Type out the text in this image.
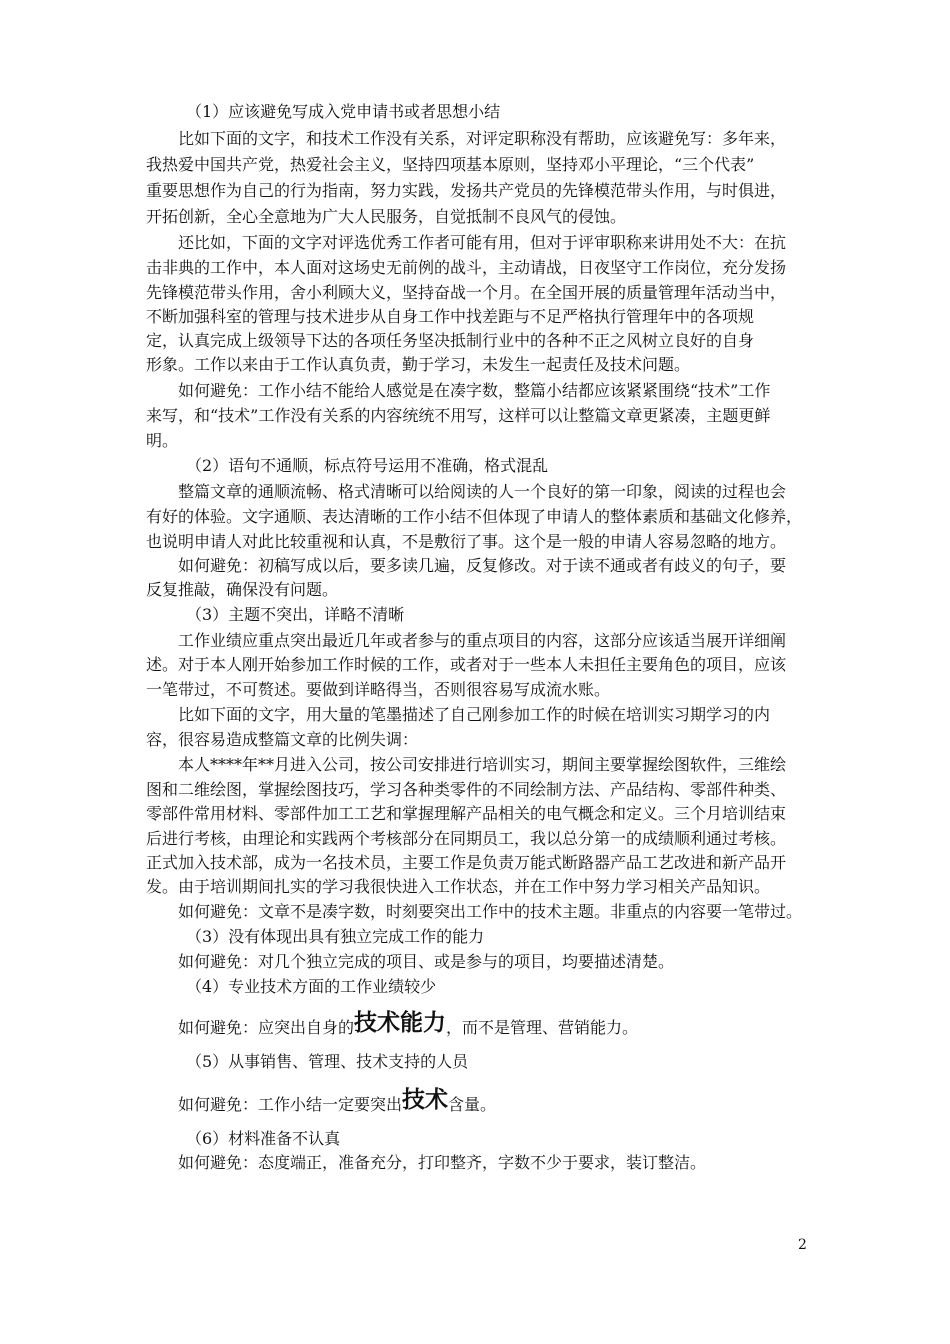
（1）应该避免写成入党申请书或者思想小结
比如下面的文字，和技术工作没有关系，对评定职称没有帮助，应该避免写：多年来，
我热爱中国共产党，热爱社会主义，坚持四项基本原则，坚持邓小平理论，“三个代表”
重要思想作为自己的行为指南，努力实践，发扬共产党员的先锋模范带头作用，与时俱进，
开拓创新，全心全意地为广大人民服务，自觉抵制不良风气的侵蚀。
还比如，下面的文字对评选优秀工作者可能有用，但对于评审职称来讲用处不大：在抗
击非典的工作中，本人面对这场史无前例的战斗，主动请战，日夜坚守工作岗位，充分发扬
先锋模范带头作用，舍小利顾大义，坚持奋战一个月。在全国开展的质量管理年活动当中，
不断加强科室的管理与技术进步从自身工作中找差距与不足严格执行管理年中的各项规
定，认真完成上级领导下达的各项任务坚决抵制行业中的各种不正之风树立良好的自身
形象。工作以来由于工作认真负责，勤于学习，未发生一起责任及技术问题。
如何避免：工作小结不能给人感觉是在凑字数，整篇小结都应该紧紧围绕“技术”工作
来写，和“技术”工作没有关系的内容统统不用写，这样可以让整篇文章更紧凑，主题更鲜
明。
（2）语句不通顺，标点符号运用不准确，格式混乱
整篇文章的通顺流畅、格式清晰可以给阅读的人一个良好的第一印象，阅读的过程也会
有好的体验。文字通顺、表达清晰的工作小结不但体现了申请人的整体素质和基础文化修养，
也说明申请人对此比较重视和认真，不是敷衍了事。这个是一般的申请人容易忽略的地方。
如何避免：初稿写成以后，要多读几遍，反复修改。对于读不通或者有歧义的句子，要
反复推敲，确保没有问题。
（3）主题不突出，详略不清晰
工作业绩应重点突出最近几年或者参与的重点项目的内容，这部分应该适当展开详细阐
述。对于本人刚开始参加工作时候的工作，或者对于一些本人未担任主要角色的项目，应该
一笔带过，不可赘述。要做到详略得当，否则很容易写成流水账。
比如下面的文字，用大量的笔墨描述了自己刚参加工作的时候在培训实习期学习的内
容，很容易造成整篇文章的比例失调：
本人****年**月进入公司，按公司安排进行培训实习，期间主要掌握绘图软件，三维绘
图和二维绘图，掌握绘图技巧，学习各种类零件的不同绘制方法、产品结构、零部件种类、
零部件常用材料、零部件加工工艺和掌握理解产品相关的电气概念和定义。三个月培训结束
后进行考核，由理论和实践两个考核部分在同期员工，我以总分第一的成绩顺利通过考核。
正式加入技术部，成为一名技术员，主要工作是负责万能式断路器产品工艺改进和新产品开
发。由于培训期间扎实的学习我很快进入工作状态，并在工作中努力学习相关产品知识。
如何避免：文章不是凑字数，时刻要突出工作中的技术主题。非重点的内容要一笔带过。
（3）没有体现出具有独立完成工作的能力
如何避免：对几个独立完成的项目、或是参与的项目，均要描述清楚。
（4）专业技术方面的工作业绩较少
如何避免：应突出自身的技术能力，而不是管理、营销能力。
（5）从事销售、管理、技术支持的人员
如何避免：工作小结一定要突出技术含量。
（6）材料准备不认真
如何避免：态度端正，准备充分，打印整齐，字数不少于要求，装订整洁。
2
